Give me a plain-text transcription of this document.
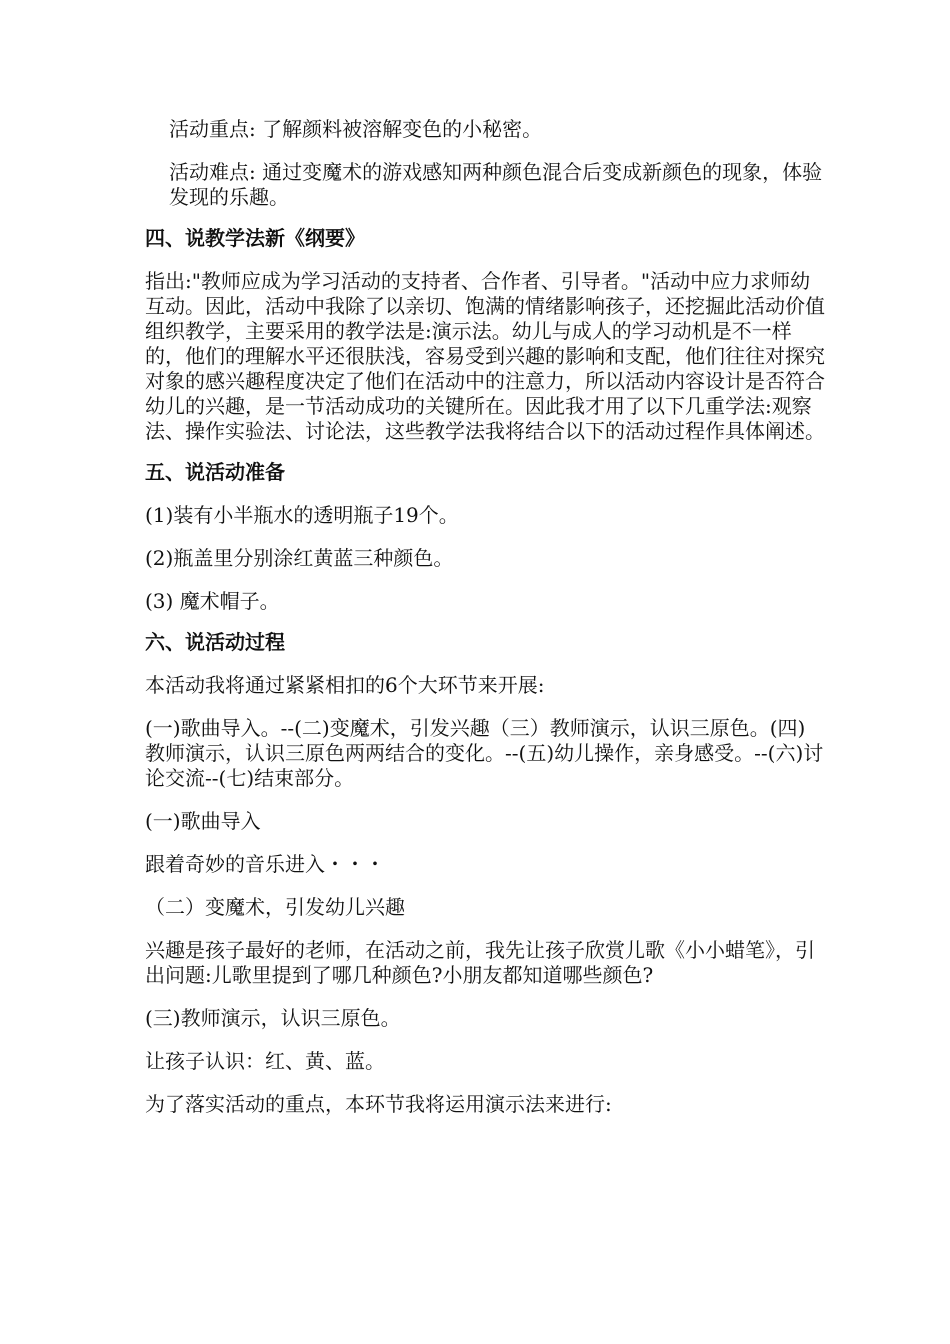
活动重点: 了解颜料被溶解变色的小秘密。

活动难点: 通过变魔术的游戏感知两种颜色混合后变成新颜色的现象，体验发现的乐趣。

四、说教学法新《纲要》

指出:"教师应成为学习活动的支持者、合作者、引导者。"活动中应力求师幼互动。因此，活动中我除了以亲切、饱满的情绪影响孩子，还挖掘此活动价值组织教学，主要采用的教学法是:演示法。幼儿与成人的学习动机是不一样的，他们的理解水平还很肤浅，容易受到兴趣的影响和支配，他们往往对探究对象的感兴趣程度决定了他们在活动中的注意力，所以活动内容设计是否符合幼儿的兴趣，是一节活动成功的关键所在。因此我才用了以下几重学法:观察法、操作实验法、讨论法，这些教学法我将结合以下的活动过程作具体阐述。

五、说活动准备

(1)装有小半瓶水的透明瓶子19个。

(2)瓶盖里分别涂红黄蓝三种颜色。

(3) 魔术帽子。

六、说活动过程

本活动我将通过紧紧相扣的6个大环节来开展:

(一)歌曲导入。--(二)变魔术，引发兴趣（三）教师演示，认识三原色。(四)教师演示，认识三原色两两结合的变化。--(五)幼儿操作，亲身感受。--(六)讨论交流--(七)结束部分。

(一)歌曲导入

跟着奇妙的音乐进入・・・

（二）变魔术，引发幼儿兴趣

兴趣是孩子最好的老师，在活动之前，我先让孩子欣赏儿歌《小小蜡笔》，引出问题:儿歌里提到了哪几种颜色?小朋友都知道哪些颜色?

(三)教师演示，认识三原色。

让孩子认识：红、黄、蓝。

为了落实活动的重点，本环节我将运用演示法来进行:
